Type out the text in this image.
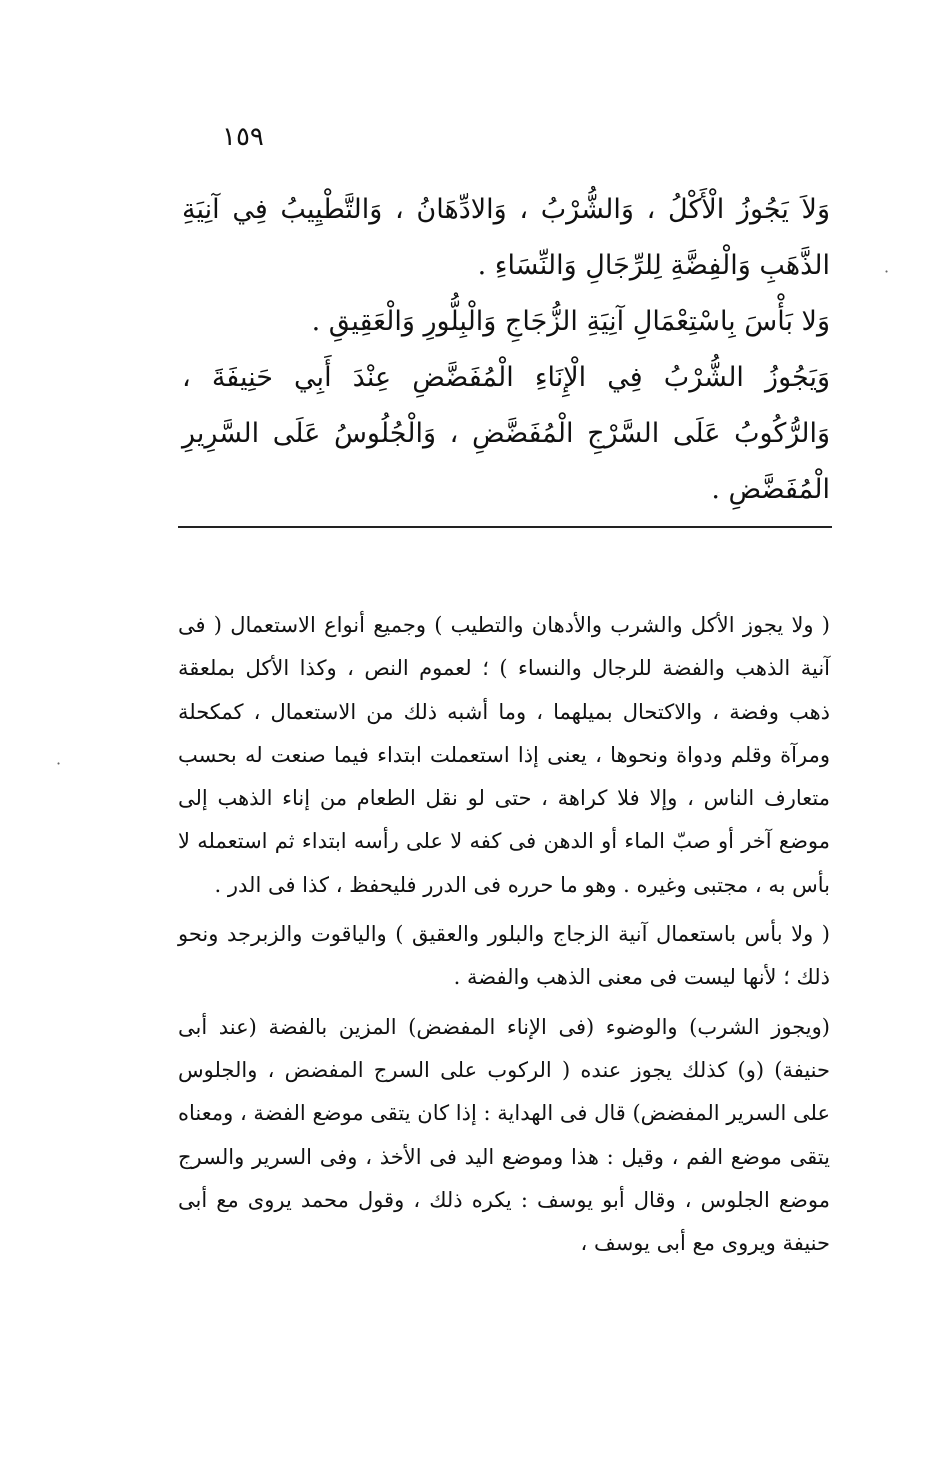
١٥٩

وَلاَ يَجُوزُ الْأَكْلُ ، وَالشُّرْبُ ، وَالادِّهَانُ ، وَالتَّطْيِيبُ فِي آنِيَةِ الذَّهَبِ وَالْفِضَّةِ لِلرِّجَالِ وَالنِّسَاءِ .

وَلا بَأْسَ بِاسْتِعْمَالِ آنِيَةِ الزُّجَاجِ وَالْبِلُّورِ وَالْعَقِيقِ .

وَيَجُوزُ الشُّرْبُ فِي الْإِنَاءِ الْمُفَضَّضِ عِنْدَ أَبِي حَنِيفَةَ ، وَالرُّكُوبُ عَلَى السَّرْجِ الْمُفَضَّضِ ، وَالْجُلُوسُ عَلَى السَّرِيرِ الْمُفَضَّضِ .

( ولا يجوز الأكل والشرب والأدهان والتطيب ) وجميع أنواع الاستعمال ( فى آنية الذهب والفضة للرجال والنساء ) ؛ لعموم النص ، وكذا الأكل بملعقة ذهب وفضة ، والاكتحال بميلهما ، وما أشبه ذلك من الاستعمال ، كمكحلة ومرآة وقلم ودواة ونحوها ، يعنى إذا استعملت ابتداء فيما صنعت له بحسب متعارف الناس ، وإلا فلا كراهة ، حتى لو نقل الطعام من إناء الذهب إلى موضع آخر أو صبّ الماء أو الدهن فى كفه لا على رأسه ابتداء ثم استعمله لا بأس به ، مجتبى وغيره . وهو ما حرره فى الدرر فليحفظ ، كذا فى الدر .

( ولا بأس باستعمال آنية الزجاج والبلور والعقيق ) والياقوت والزبرجد ونحو ذلك ؛ لأنها ليست فى معنى الذهب والفضة .

(ويجوز الشرب) والوضوء (فى الإناء المفضض) المزين بالفضة (عند أبى حنيفة) (و) كذلك يجوز عنده ( الركوب على السرج المفضض ، والجلوس على السرير المفضض) قال فى الهداية : إذا كان يتقى موضع الفضة ، ومعناه يتقى موضع الفم ، وقيل : هذا وموضع اليد فى الأخذ ، وفى السرير والسرج موضع الجلوس ، وقال أبو يوسف : يكره ذلك ، وقول محمد يروى مع أبى حنيفة ويروى مع أبى يوسف ،

·
·
